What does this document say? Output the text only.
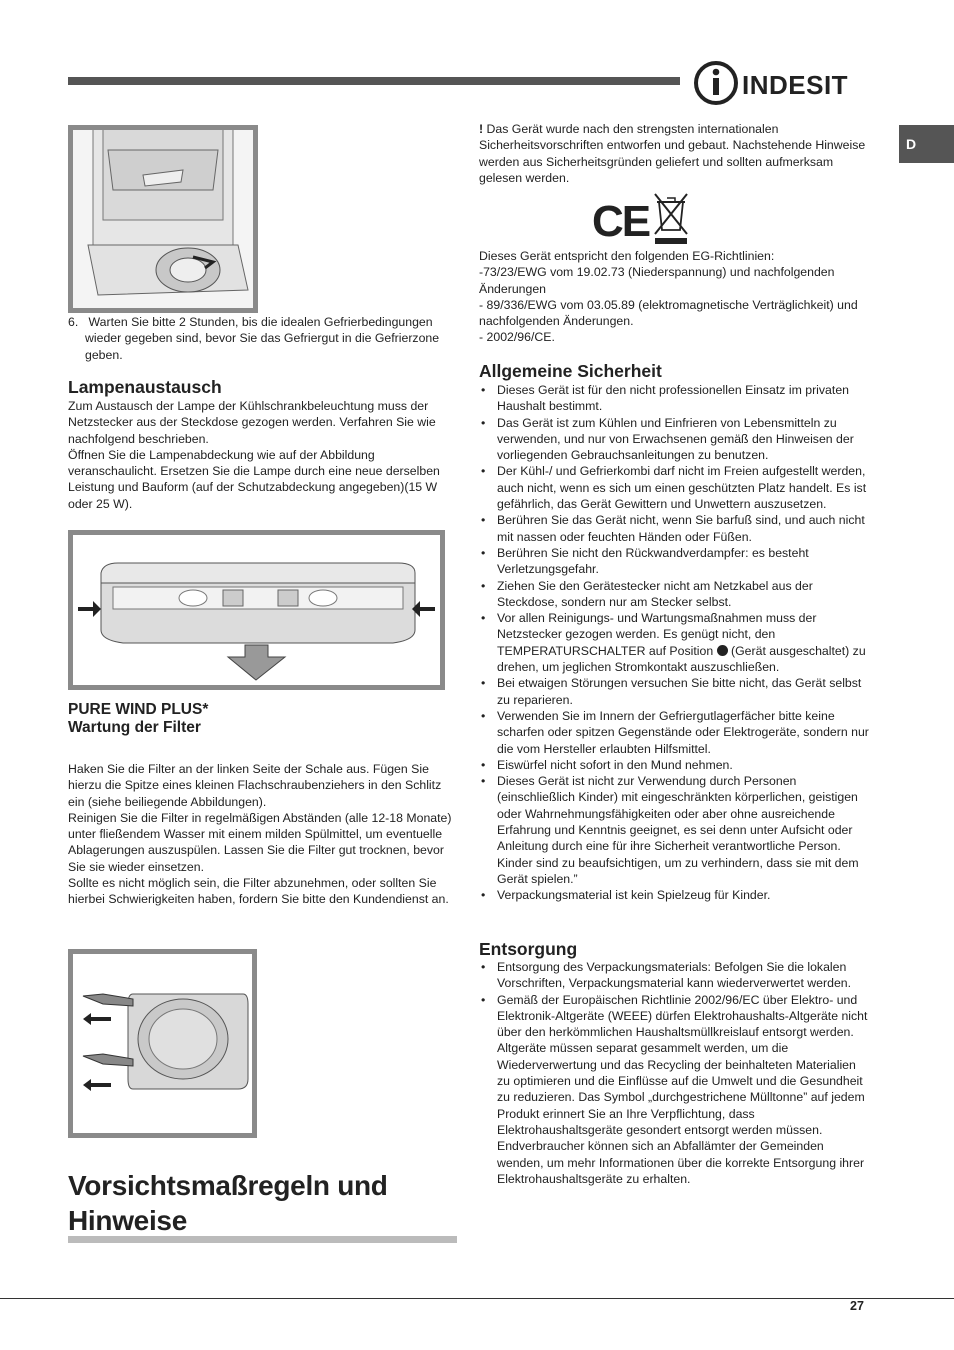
INDESIT
D
6. Warten Sie bitte 2 Stunden, bis die idealen Gefrierbedingungen wieder gegeben sind, bevor Sie das Gefriergut in die Gefrierzone geben.
Lampenaustausch

Zum Austausch der Lampe der Kühlschrankbeleuchtung muss der Netzstecker aus der Steckdose gezogen werden. Verfahren Sie wie nachfolgend beschrieben.

Öffnen Sie die Lampenabdeckung wie auf der Abbildung veranschaulicht. Ersetzen Sie die Lampe durch eine neue derselben Leistung und Bauform (auf der Schutzabdeckung angegeben)(15 W oder 25 W).

PURE WIND PLUS*
Wartung der Filter

Haken Sie die Filter an der linken Seite der Schale aus. Fügen Sie hierzu die Spitze eines kleinen Flachschraubenziehers in den Schlitz ein (siehe beiliegende Abbildungen).

Reinigen Sie die Filter in regelmäßigen Abständen (alle 12-18 Monate) unter fließendem Wasser mit einem milden Spülmittel, um eventuelle Ablagerungen auszuspülen. Lassen Sie die Filter gut trocknen, bevor Sie sie wieder einsetzen.

Sollte es nicht möglich sein, die Filter abzunehmen, oder sollten Sie hierbei Schwierigkeiten haben, fordern Sie bitte den Kundendienst an.

Vorsichtsmaßregeln und
Hinweise

! Das Gerät wurde nach den strengsten internationalen Sicherheitsvorschriften entworfen und gebaut. Nachstehende Hinweise werden aus Sicherheitsgründen geliefert und sollten aufmerksam gelesen werden.

CE

Dieses Gerät entspricht den folgenden EG-Richtlinien:

-73/23/EWG vom 19.02.73 (Niederspannung) und nachfolgenden Änderungen

- 89/336/EWG vom 03.05.89 (elektromagnetische Verträglichkeit) und nachfolgenden Änderungen.

- 2002/96/CE.

Allgemeine Sicherheit
• Dieses Gerät ist für den nicht professionellen Einsatz im privaten Haushalt bestimmt.
• Das Gerät ist zum Kühlen und Einfrieren von Lebensmitteln zu verwenden, und nur von Erwachsenen gemäß den Hinweisen der vorliegenden Gebrauchsanleitungen zu benutzen.
• Der Kühl-/ und Gefrierkombi darf nicht im Freien aufgestellt werden, auch nicht, wenn es sich um einen geschützten Platz handelt. Es ist gefährlich, das Gerät Gewittern und Unwettern auszusetzen.
• Berühren Sie das Gerät nicht, wenn Sie barfuß sind, und auch nicht mit nassen oder feuchten Händen oder Füßen.
• Berühren Sie nicht den Rückwandverdampfer: es besteht Verletzungsgefahr.
• Ziehen Sie den Gerätestecker nicht am Netzkabel aus der Steckdose, sondern nur am Stecker selbst.
• Vor allen Reinigungs- und Wartungsmaßnahmen muss der Netzstecker gezogen werden. Es genügt nicht, den TEMPERATURSCHALTER auf Position (Gerät ausgeschaltet) zu drehen, um jeglichen Stromkontakt auszuschließen.
• Bei etwaigen Störungen versuchen Sie bitte nicht, das Gerät selbst zu reparieren.
• Verwenden Sie im Innern der Gefriergutlagerfächer bitte keine scharfen oder spitzen Gegenstände oder Elektrogeräte, sondern nur die vom Hersteller erlaubten Hilfsmittel.
• Eiswürfel nicht sofort in den Mund nehmen.
• Dieses Gerät ist nicht zur Verwendung durch Personen (einschließlich Kinder) mit eingeschränkten körperlichen, geistigen oder Wahrnehmungsfähigkeiten oder aber ohne ausreichende Erfahrung und Kenntnis geeignet, es sei denn unter Aufsicht oder Anleitung durch eine für ihre Sicherheit verantwortliche Person. Kinder sind zu beaufsichtigen, um zu verhindern, dass sie mit dem Gerät spielen.”
• Verpackungsmaterial ist kein Spielzeug für Kinder.
Entsorgung
• Entsorgung des Verpackungsmaterials: Befolgen Sie die lokalen Vorschriften, Verpackungsmaterial kann wiederverwertet werden.
• Gemäß der Europäischen Richtlinie 2002/96/EC über Elektro- und Elektronik-Altgeräte (WEEE) dürfen Elektrohaushalts-Altgeräte nicht über den herkömmlichen Haushaltsmüllkreislauf entsorgt werden. Altgeräte müssen separat gesammelt werden, um die Wiederverwertung und das Recycling der beinhalteten Materialien zu optimieren und die Einflüsse auf die Umwelt und die Gesundheit zu reduzieren. Das Symbol „durchgestrichene Mülltonne” auf jedem Produkt erinnert Sie an Ihre Verpflichtung, dass Elektrohaushaltsgeräte gesondert entsorgt werden müssen.
Endverbraucher können sich an Abfallämter der Gemeinden wenden, um mehr Informationen über die korrekte Entsorgung ihrer Elektrohaushaltsgeräte zu erhalten.
27
